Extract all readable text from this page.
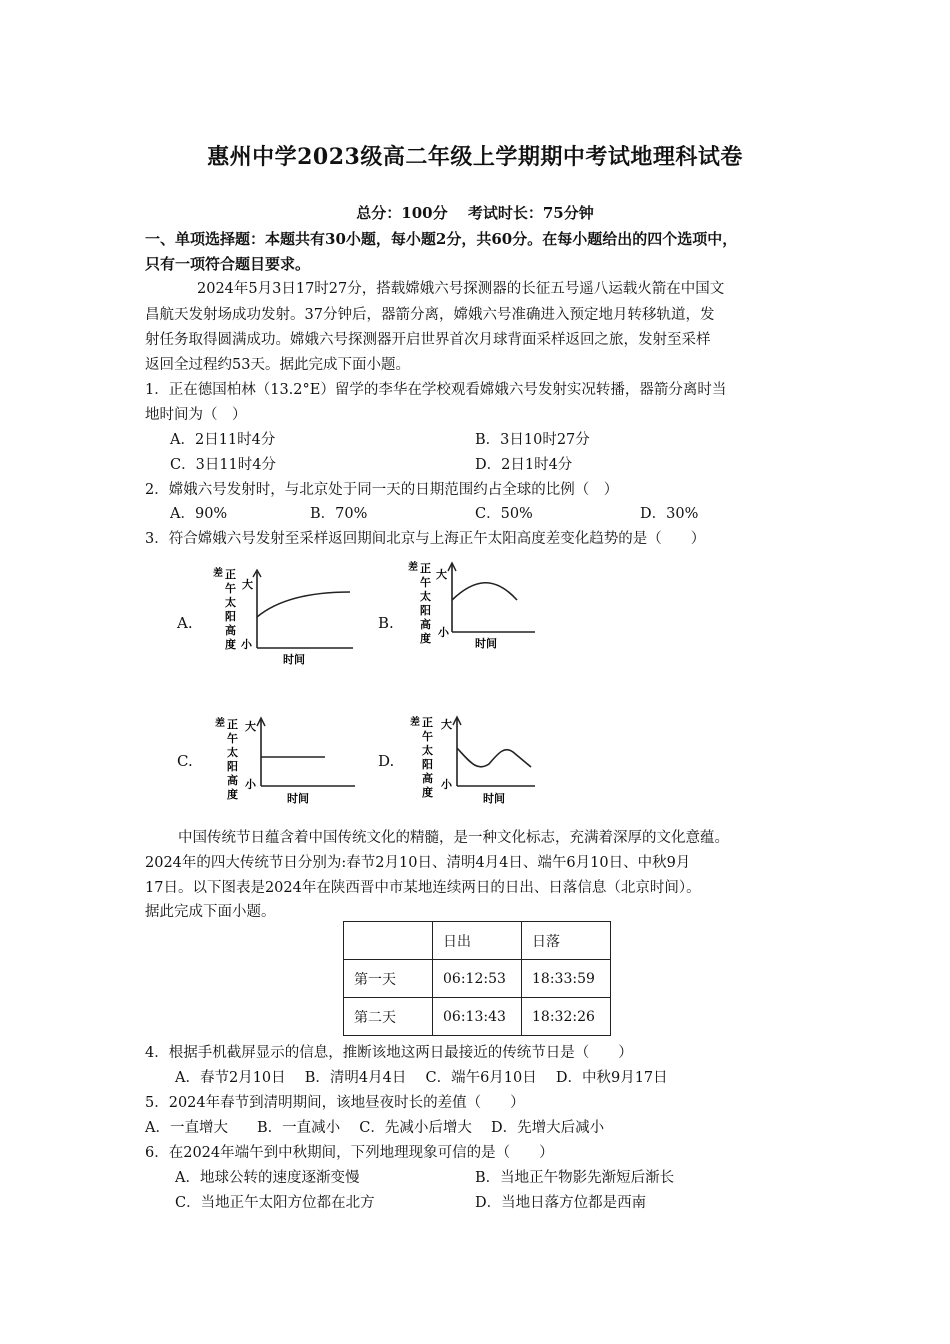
惠州中学2023级高二年级上学期期中考试地理科试卷
总分：100分　 考试时长：75分钟
一、单项选择题：本题共有30小题，每小题2分，共60分。在每小题给出的四个选项中，
只有一项符合题目要求。
2024年5月3日17时27分，搭载嫦娥六号探测器的长征五号遥八运载火箭在中国文
昌航天发射场成功发射。37分钟后，器箭分离，嫦娥六号准确进入预定地月转移轨道，发
射任务取得圆满成功。嫦娥六号探测器开启世界首次月球背面采样返回之旅，发射至采样
返回全过程约53天。据此完成下面小题。
1．正在德国柏林（13.2°E）留学的李华在学校观看嫦娥六号发射实况转播，器箭分离时当
地时间为（　）
A．2日11时4分	B．3日10时27分
C．3日11时4分	D．2日1时4分
2．嫦娥六号发射时，与北京处于同一天的日期范围约占全球的比例（　）
A．90%	B．70%	C．50%	D．30%
3．符合嫦娥六号发射至采样返回期间北京与上海正午太阳高度差变化趋势的是（　　）
A.
差 正
午
太
阳
高
度
大
小
时间
B.
差 正
午
太
阳
高
度
大
小
时间
C.
差 正
午
太
阳
高
度
大
小
时间
D.
差 正
午
太
阳
高
度
大
小
时间
中国传统节日蕴含着中国传统文化的精髓，是一种文化标志，充满着深厚的文化意蕴。
2024年的四大传统节日分别为:春节2月10日、清明4月4日、端午6月10日、中秋9月
17日。以下图表是2024年在陕西晋中市某地连续两日的日出、日落信息（北京时间）。
据此完成下面小题。
	日出	日落
第一天	06:12:53	18:33:59
第二天	06:13:43	18:32:26
4．根据手机截屏显示的信息，推断该地这两日最接近的传统节日是（　　）
A．春节2月10日　 B．清明4月4日　 C．端午6月10日　 D．中秋9月17日
5．2024年春节到清明期间，该地昼夜时长的差值（　　）
A．一直增大　　B．一直减小　 C．先减小后增大　 D．先增大后减小
6．在2024年端午到中秋期间，下列地理现象可信的是（　　）
A．地球公转的速度逐渐变慢	B．当地正午物影先渐短后渐长
C．当地正午太阳方位都在北方	D．当地日落方位都是西南
